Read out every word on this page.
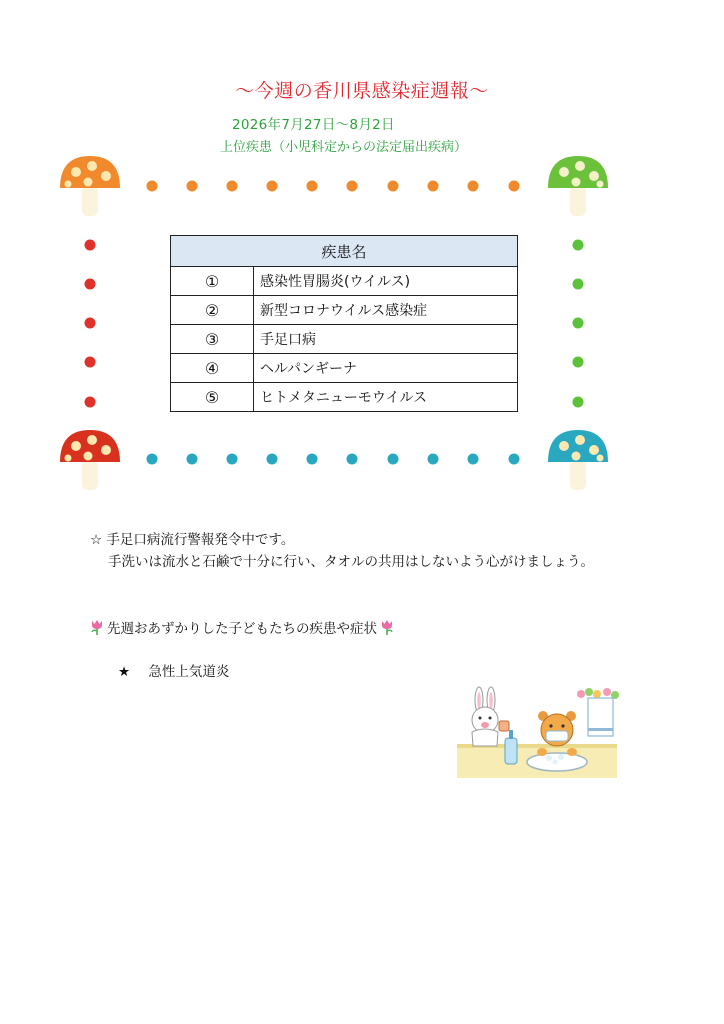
～今週の香川県感染症週報～
2026年7月27日～8月2日
上位疾患（小児科定からの法定届出疾病）
疾患名	
①	感染性胃腸炎(ウイルス)
②	新型コロナウイルス感染症
③	手足口病
④	ヘルパンギーナ
⑤	ヒトメタニューモウイルス
☆ 手足口病流行警報発令中です。
手洗いは流水と石鹸で十分に行い、タオルの共用はしないよう心がけましょう。
先週おあずかりした子どもたちの疾患や症状
★ 急性上気道炎
